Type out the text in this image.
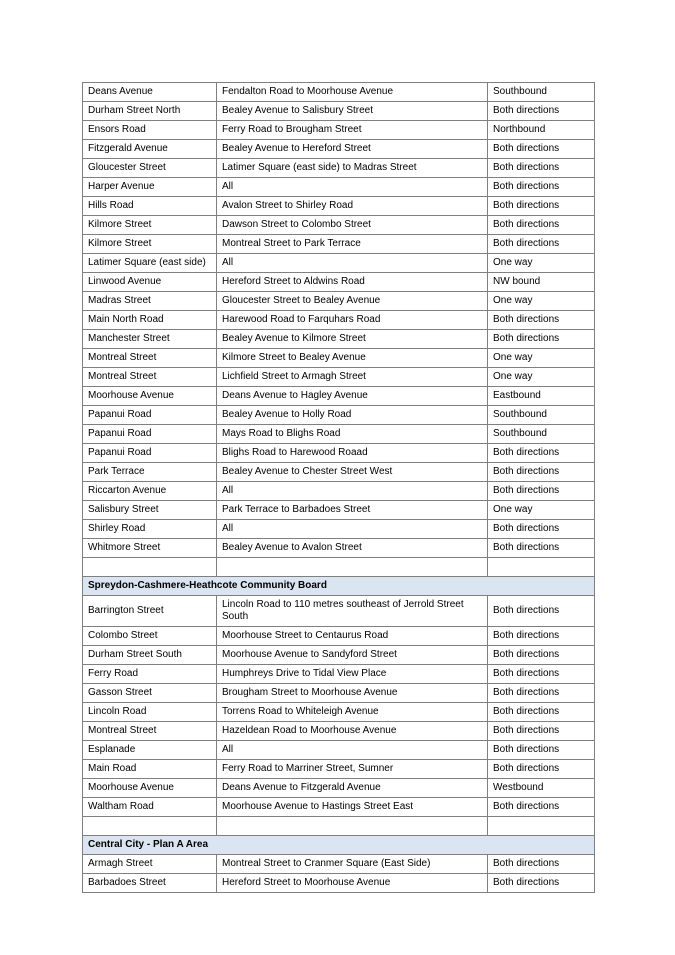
Deans Avenue	Fendalton Road to Moorhouse Avenue	Southbound
Durham Street North	Bealey Avenue to Salisbury Street	Both directions
Ensors Road	Ferry Road to Brougham Street	Northbound
Fitzgerald Avenue	Bealey Avenue to Hereford Street	Both directions
Gloucester Street	Latimer Square (east side) to Madras Street	Both directions
Harper Avenue	All	Both directions
Hills Road	Avalon Street to Shirley Road	Both directions
Kilmore Street	Dawson Street to Colombo Street	Both directions
Kilmore Street	Montreal Street to Park Terrace	Both directions
Latimer Square (east side)	All	One way
Linwood Avenue	Hereford Street to Aldwins Road	NW bound
Madras Street	Gloucester Street to Bealey Avenue	One way
Main North Road	Harewood Road to Farquhars Road	Both directions
Manchester Street	Bealey Avenue to Kilmore Street	Both directions
Montreal Street	Kilmore Street to Bealey Avenue	One way
Montreal Street	Lichfield Street to Armagh Street	One way
Moorhouse Avenue	Deans Avenue to Hagley Avenue	Eastbound
Papanui Road	Bealey Avenue to Holly Road	Southbound
Papanui Road	Mays Road to Blighs Road	Southbound
Papanui Road	Blighs Road to Harewood Roaad	Both directions
Park Terrace	Bealey Avenue to Chester Street West	Both directions
Riccarton Avenue	All	Both directions
Salisbury Street	Park Terrace to Barbadoes Street	One way
Shirley Road	All	Both directions
Whitmore Street	Bealey Avenue to Avalon Street	Both directions

Spreydon-Cashmere-Heathcote Community Board		
Barrington Street	Lincoln Road to 110 metres southeast of Jerrold Street South	Both directions
Colombo Street	Moorhouse Street to Centaurus Road	Both directions
Durham Street South	Moorhouse Avenue to Sandyford Street	Both directions
Ferry Road	Humphreys Drive to Tidal View Place	Both directions
Gasson Street	Brougham Street to Moorhouse Avenue	Both directions
Lincoln Road	Torrens Road to Whiteleigh Avenue	Both directions
Montreal Street	Hazeldean Road to Moorhouse Avenue	Both directions
Esplanade	All	Both directions
Main Road	Ferry Road to Marriner Street, Sumner	Both directions
Moorhouse Avenue	Deans Avenue to Fitzgerald Avenue	Westbound
Waltham Road	Moorhouse Avenue to Hastings Street East	Both directions

Central City - Plan A Area		
Armagh Street	Montreal Street to Cranmer Square (East Side)	Both directions
Barbadoes Street	Hereford Street to Moorhouse Avenue	Both directions
